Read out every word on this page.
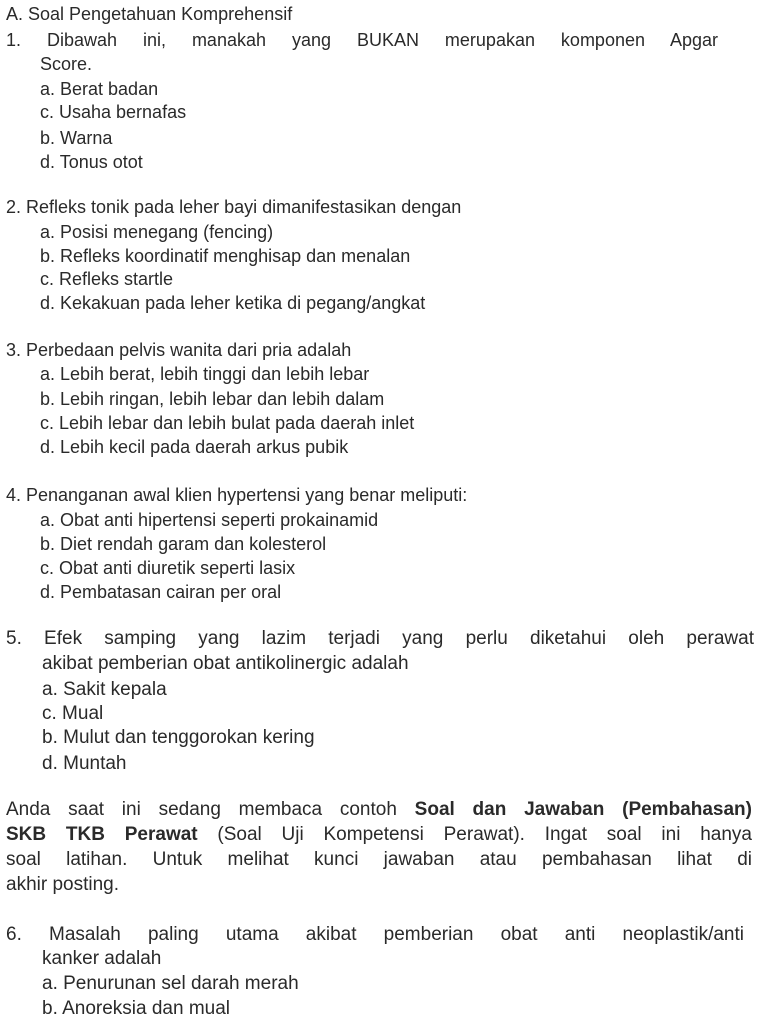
A. Soal Pengetahuan Komprehensif
1. Dibawah ini, manakah yang BUKAN merupakan komponen Apgar
Score.
a. Berat badan
c. Usaha bernafas
b. Warna
d. Tonus otot
2. Refleks tonik pada leher bayi dimanifestasikan dengan
a. Posisi menegang (fencing)
b. Refleks koordinatif menghisap dan menalan
c. Refleks startle
d. Kekakuan pada leher ketika di pegang/angkat
3. Perbedaan pelvis wanita dari pria adalah
a. Lebih berat, lebih tinggi dan lebih lebar
b. Lebih ringan, lebih lebar dan lebih dalam
c. Lebih lebar dan lebih bulat pada daerah inlet
d. Lebih kecil pada daerah arkus pubik
4. Penanganan awal klien hypertensi yang benar meliputi:
a. Obat anti hipertensi seperti prokainamid
b. Diet rendah garam dan kolesterol
c. Obat anti diuretik seperti lasix
d. Pembatasan cairan per oral
5. Efek samping yang lazim terjadi yang perlu diketahui oleh perawat
akibat pemberian obat antikolinergic adalah
a. Sakit kepala
c. Mual
b. Mulut dan tenggorokan kering
d. Muntah
Anda saat ini sedang membaca contoh Soal dan Jawaban (Pembahasan)
SKB TKB Perawat (Soal Uji Kompetensi Perawat). Ingat soal ini hanya
soal latihan. Untuk melihat kunci jawaban atau pembahasan lihat di
akhir posting.
6. Masalah paling utama akibat pemberian obat anti neoplastik/anti
kanker adalah
a. Penurunan sel darah merah
b. Anoreksia dan mual
